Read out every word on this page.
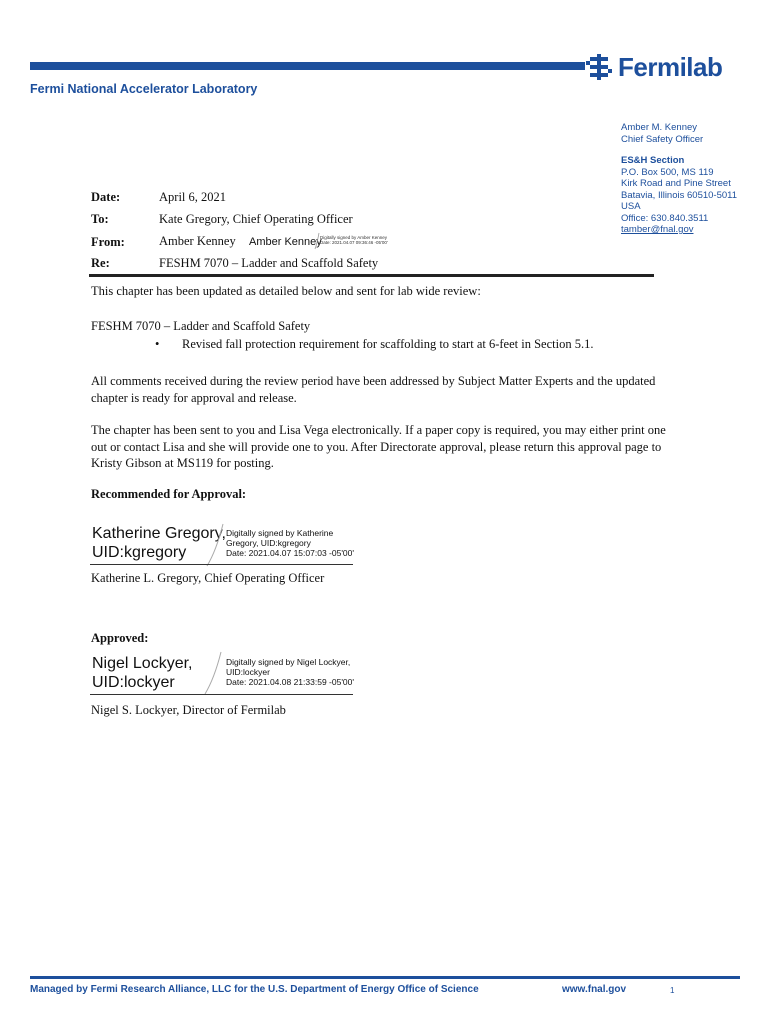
Fermilab
Fermi National Accelerator Laboratory
Amber M. Kenney
Chief Safety Officer
ES&H Section
P.O. Box 500, MS 119
Kirk Road and Pine Street
Batavia, Illinois 60510-5011
USA
Office: 630.840.3511
tamber@fnal.gov
Date:	April 6, 2021
To:	Kate Gregory, Chief Operating Officer
From:	Amber Kenney Amber Kenney
Digitally signed by Amber Kenney
Date: 2021.04.07 09:36:46 -05'00'
Re:	FESHM 7070 – Ladder and Scaffold Safety
This chapter has been updated as detailed below and sent for lab wide review:
FESHM 7070 – Ladder and Scaffold Safety
• Revised fall protection requirement for scaffolding to start at 6-feet in Section 5.1.
All comments received during the review period have been addressed by Subject Matter Experts and the updated chapter is ready for approval and release.
The chapter has been sent to you and Lisa Vega electronically. If a paper copy is required, you may either print one out or contact Lisa and she will provide one to you. After Directorate approval, please return this approval page to Kristy Gibson at MS119 for posting.
Recommended for Approval:
Katherine Gregory,
UID:kgregory
Digitally signed by Katherine
Gregory, UID:kgregory
Date: 2021.04.07 15:07:03 -05'00'
Katherine L. Gregory, Chief Operating Officer
Approved:
Nigel Lockyer,
UID:lockyer
Digitally signed by Nigel Lockyer,
UID:lockyer
Date: 2021.04.08 21:33:59 -05'00'
Nigel S. Lockyer, Director of Fermilab
Managed by Fermi Research Alliance, LLC for the U.S. Department of Energy Office of Science	www.fnal.gov	1
